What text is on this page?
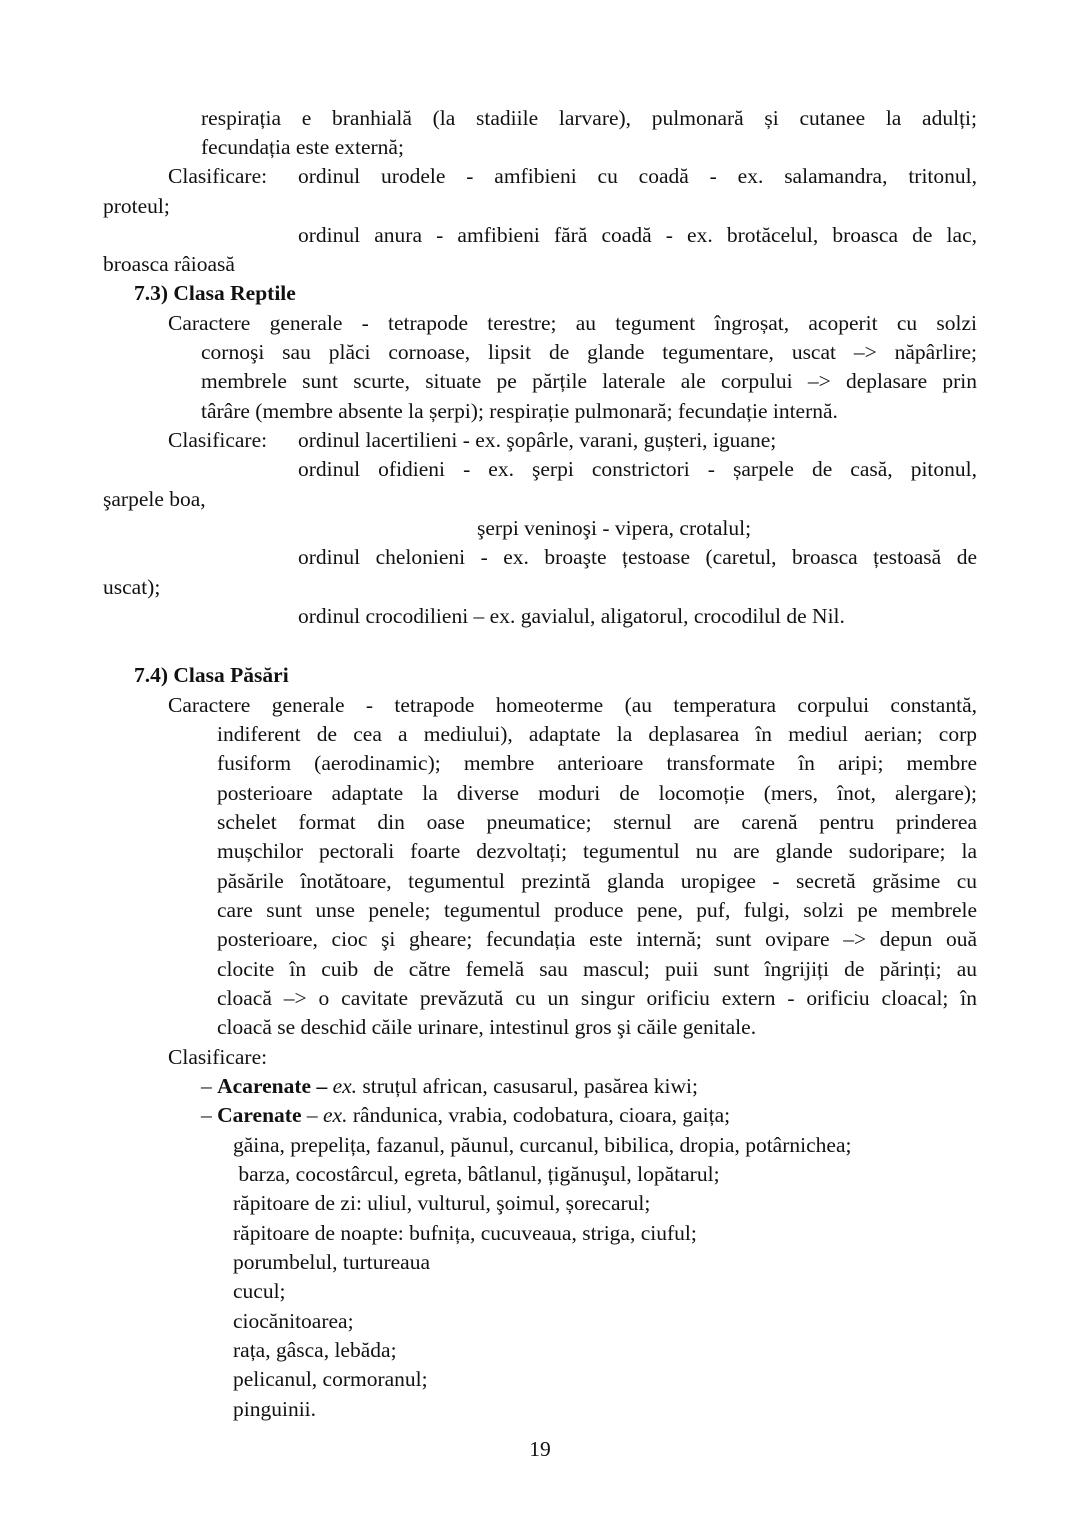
respirația e branhială (la stadiile larvare), pulmonară și cutanee la adulți;
fecundația este externă;
Clasificare: ordinul urodele - amfibieni cu coadă - ex. salamandra, tritonul,
proteul;
ordinul anura - amfibieni fără coadă - ex. brotăcelul, broasca de lac,
broasca râioasă
7.3) Clasa Reptile
Caractere generale - tetrapode terestre; au tegument îngroșat, acoperit cu solzi
cornoşi sau plăci cornoase, lipsit de glande tegumentare, uscat –> năpârlire;
membrele sunt scurte, situate pe părțile laterale ale corpului –> deplasare prin
târâre (membre absente la șerpi); respirație pulmonară; fecundație internă.
Clasificare: ordinul lacertilieni - ex. şopârle, varani, gușteri, iguane;
ordinul ofidieni - ex. şerpi constrictori - șarpele de casă, pitonul,
şarpele boa,
şerpi veninoşi - vipera, crotalul;
ordinul chelonieni - ex. broaşte țestoase (caretul, broasca țestoasă de
uscat);
ordinul crocodilieni – ex. gavialul, aligatorul, crocodilul de Nil.
7.4) Clasa Păsări
Caractere generale - tetrapode homeoterme (au temperatura corpului constantă,
indiferent de cea a mediului), adaptate la deplasarea în mediul aerian; corp
fusiform (aerodinamic); membre anterioare transformate în aripi; membre
posterioare adaptate la diverse moduri de locomoție (mers, înot, alergare);
schelet format din oase pneumatice; sternul are carenă pentru prinderea
mușchilor pectorali foarte dezvoltați; tegumentul nu are glande sudoripare; la
păsările înotătoare, tegumentul prezintă glanda uropigee - secretă grăsime cu
care sunt unse penele; tegumentul produce pene, puf, fulgi, solzi pe membrele
posterioare, cioc şi gheare; fecundația este internă; sunt ovipare –> depun ouă
clocite în cuib de către femelă sau mascul; puii sunt îngrijiți de părinți; au
cloacă –> o cavitate prevăzută cu un singur orificiu extern - orificiu cloacal; în
cloacă se deschid căile urinare, intestinul gros şi căile genitale.
Clasificare:
– Acarenate – ex. struțul african, casusarul, pasărea kiwi;
– Carenate – ex. rândunica, vrabia, codobatura, cioara, gaița;
găina, prepelița, fazanul, păunul, curcanul, bibilica, dropia, potârnichea;
barza, cocostârcul, egreta, bâtlanul, țigănuşul, lopătarul;
răpitoare de zi: uliul, vulturul, şoimul, șorecarul;
răpitoare de noapte: bufnița, cucuveaua, striga, ciuful;
porumbelul, turtureaua
cucul;
ciocănitoarea;
rața, gâsca, lebăda;
pelicanul, cormoranul;
pinguinii.
19
